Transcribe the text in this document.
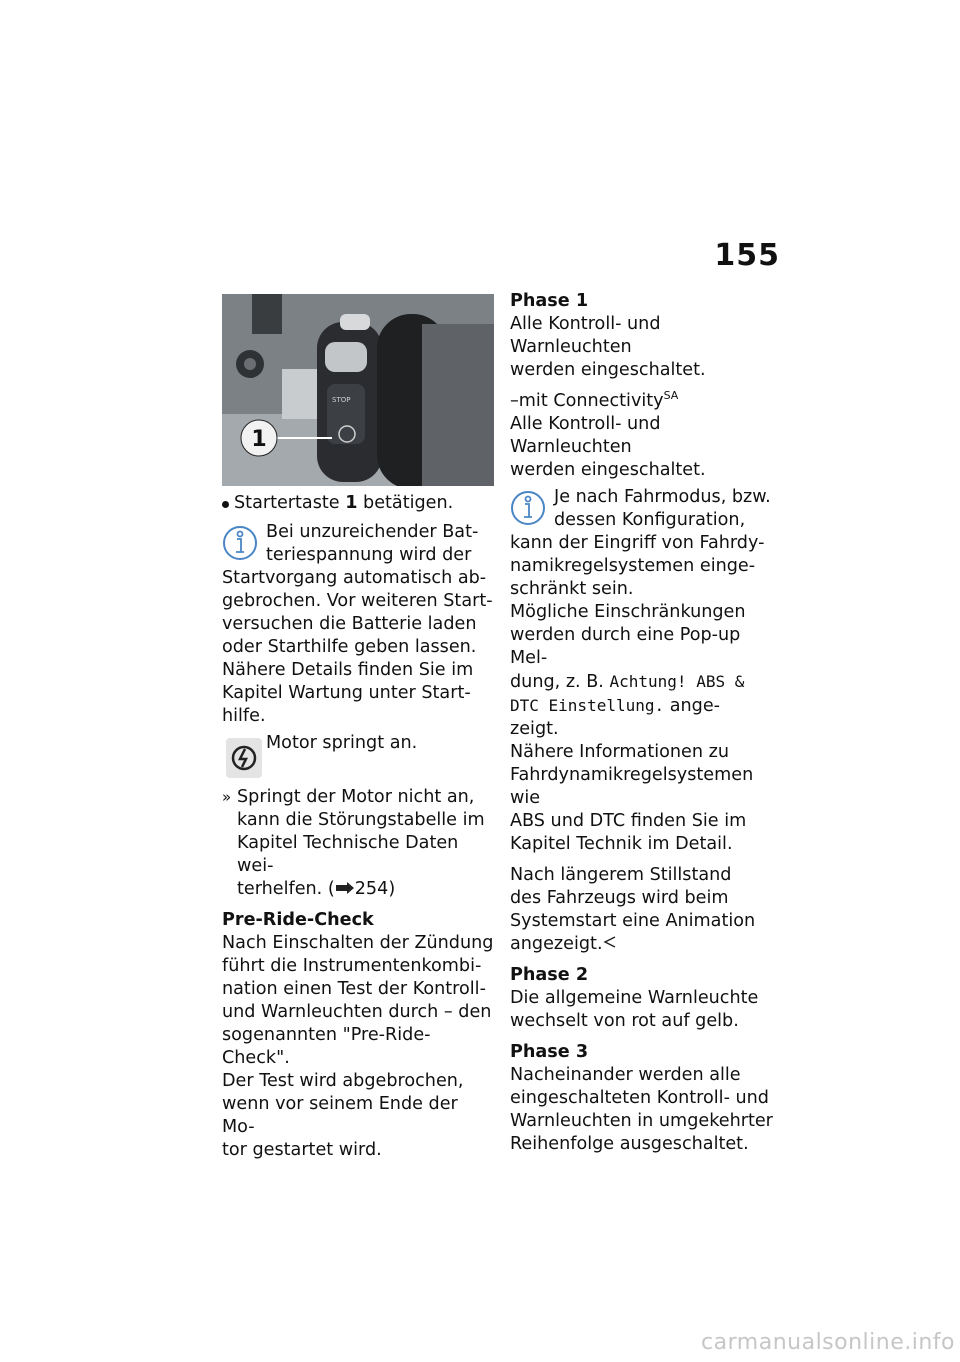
155
STOP
1
Startertaste 1 betätigen.
Bei unzureichender Bat-
teriespannung wird der
Startvorgang automatisch ab-
gebrochen. Vor weiteren Start-
versuchen die Batterie laden
oder Starthilfe geben lassen.
Nähere Details finden Sie im
Kapitel Wartung unter Start-
hilfe.
Motor springt an.
» Springt der Motor nicht an,
kann die Störungstabelle im
Kapitel Technische Daten wei-
terhelfen. ( 254)
Pre-Ride-Check
Nach Einschalten der Zündung
führt die Instrumentenkombi-
nation einen Test der Kontroll-
und Warnleuchten durch – den
sogenannten "Pre-Ride-Check".
Der Test wird abgebrochen,
wenn vor seinem Ende der Mo-
tor gestartet wird.
Phase 1
Alle Kontroll- und Warnleuchten
werden eingeschaltet.
–mit Connectivity$^{SA}$
Alle Kontroll- und Warnleuchten
werden eingeschaltet.
Je nach Fahrmodus, bzw.
dessen Konfiguration,
kann der Eingriff von Fahrdy-
namikregelsystemen einge-
schränkt sein.
Mögliche Einschränkungen
werden durch eine Pop-up Mel-
dung, z. B. Achtung! ABS &
DTC Einstellung. ange-
zeigt.
Nähere Informationen zu
Fahrdynamikregelsystemen wie
ABS und DTC finden Sie im
Kapitel Technik im Detail.
Nach längerem Stillstand
des Fahrzeugs wird beim
Systemstart eine Animation
angezeigt.
Phase 2
Die allgemeine Warnleuchte
wechselt von rot auf gelb.
Phase 3
Nacheinander werden alle
eingeschalteten Kontroll- und
Warnleuchten in umgekehrter
Reihenfolge ausgeschaltet.
carmanualsonline.info
